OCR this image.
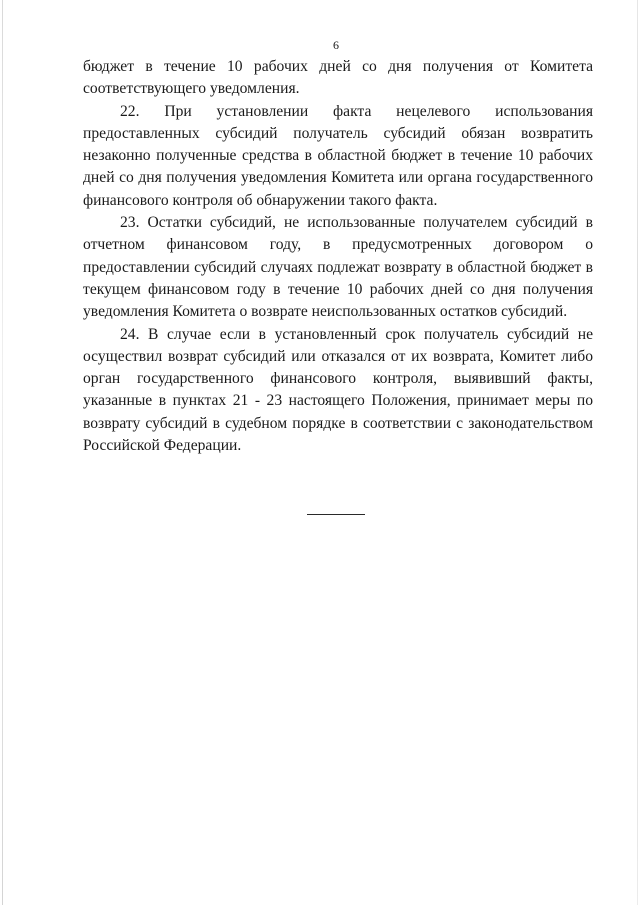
6

бюджет в течение 10 рабочих дней со дня получения от Комитета соответствующего уведомления.

22. При установлении факта нецелевого использования предоставленных субсидий получатель субсидий обязан возвратить незаконно полученные средства в областной бюджет в течение 10 рабочих дней со дня получения уведомления Комитета или органа государственного финансового контроля об обнаружении такого факта.

23. Остатки субсидий, не использованные получателем субсидий в отчетном финансовом году, в предусмотренных договором о предоставлении субсидий случаях подлежат возврату в областной бюджет в текущем финансовом году в течение 10 рабочих дней со дня получения уведомления Комитета о возврате неиспользованных остатков субсидий.

24. В случае если в установленный срок получатель субсидий не осуществил возврат субсидий или отказался от их возврата, Комитет либо орган государственного финансового контроля, выявивший факты, указанные в пунктах 21 - 23 настоящего Положения, принимает меры по возврату субсидий в судебном порядке в соответствии с законодательством Российской Федерации.
